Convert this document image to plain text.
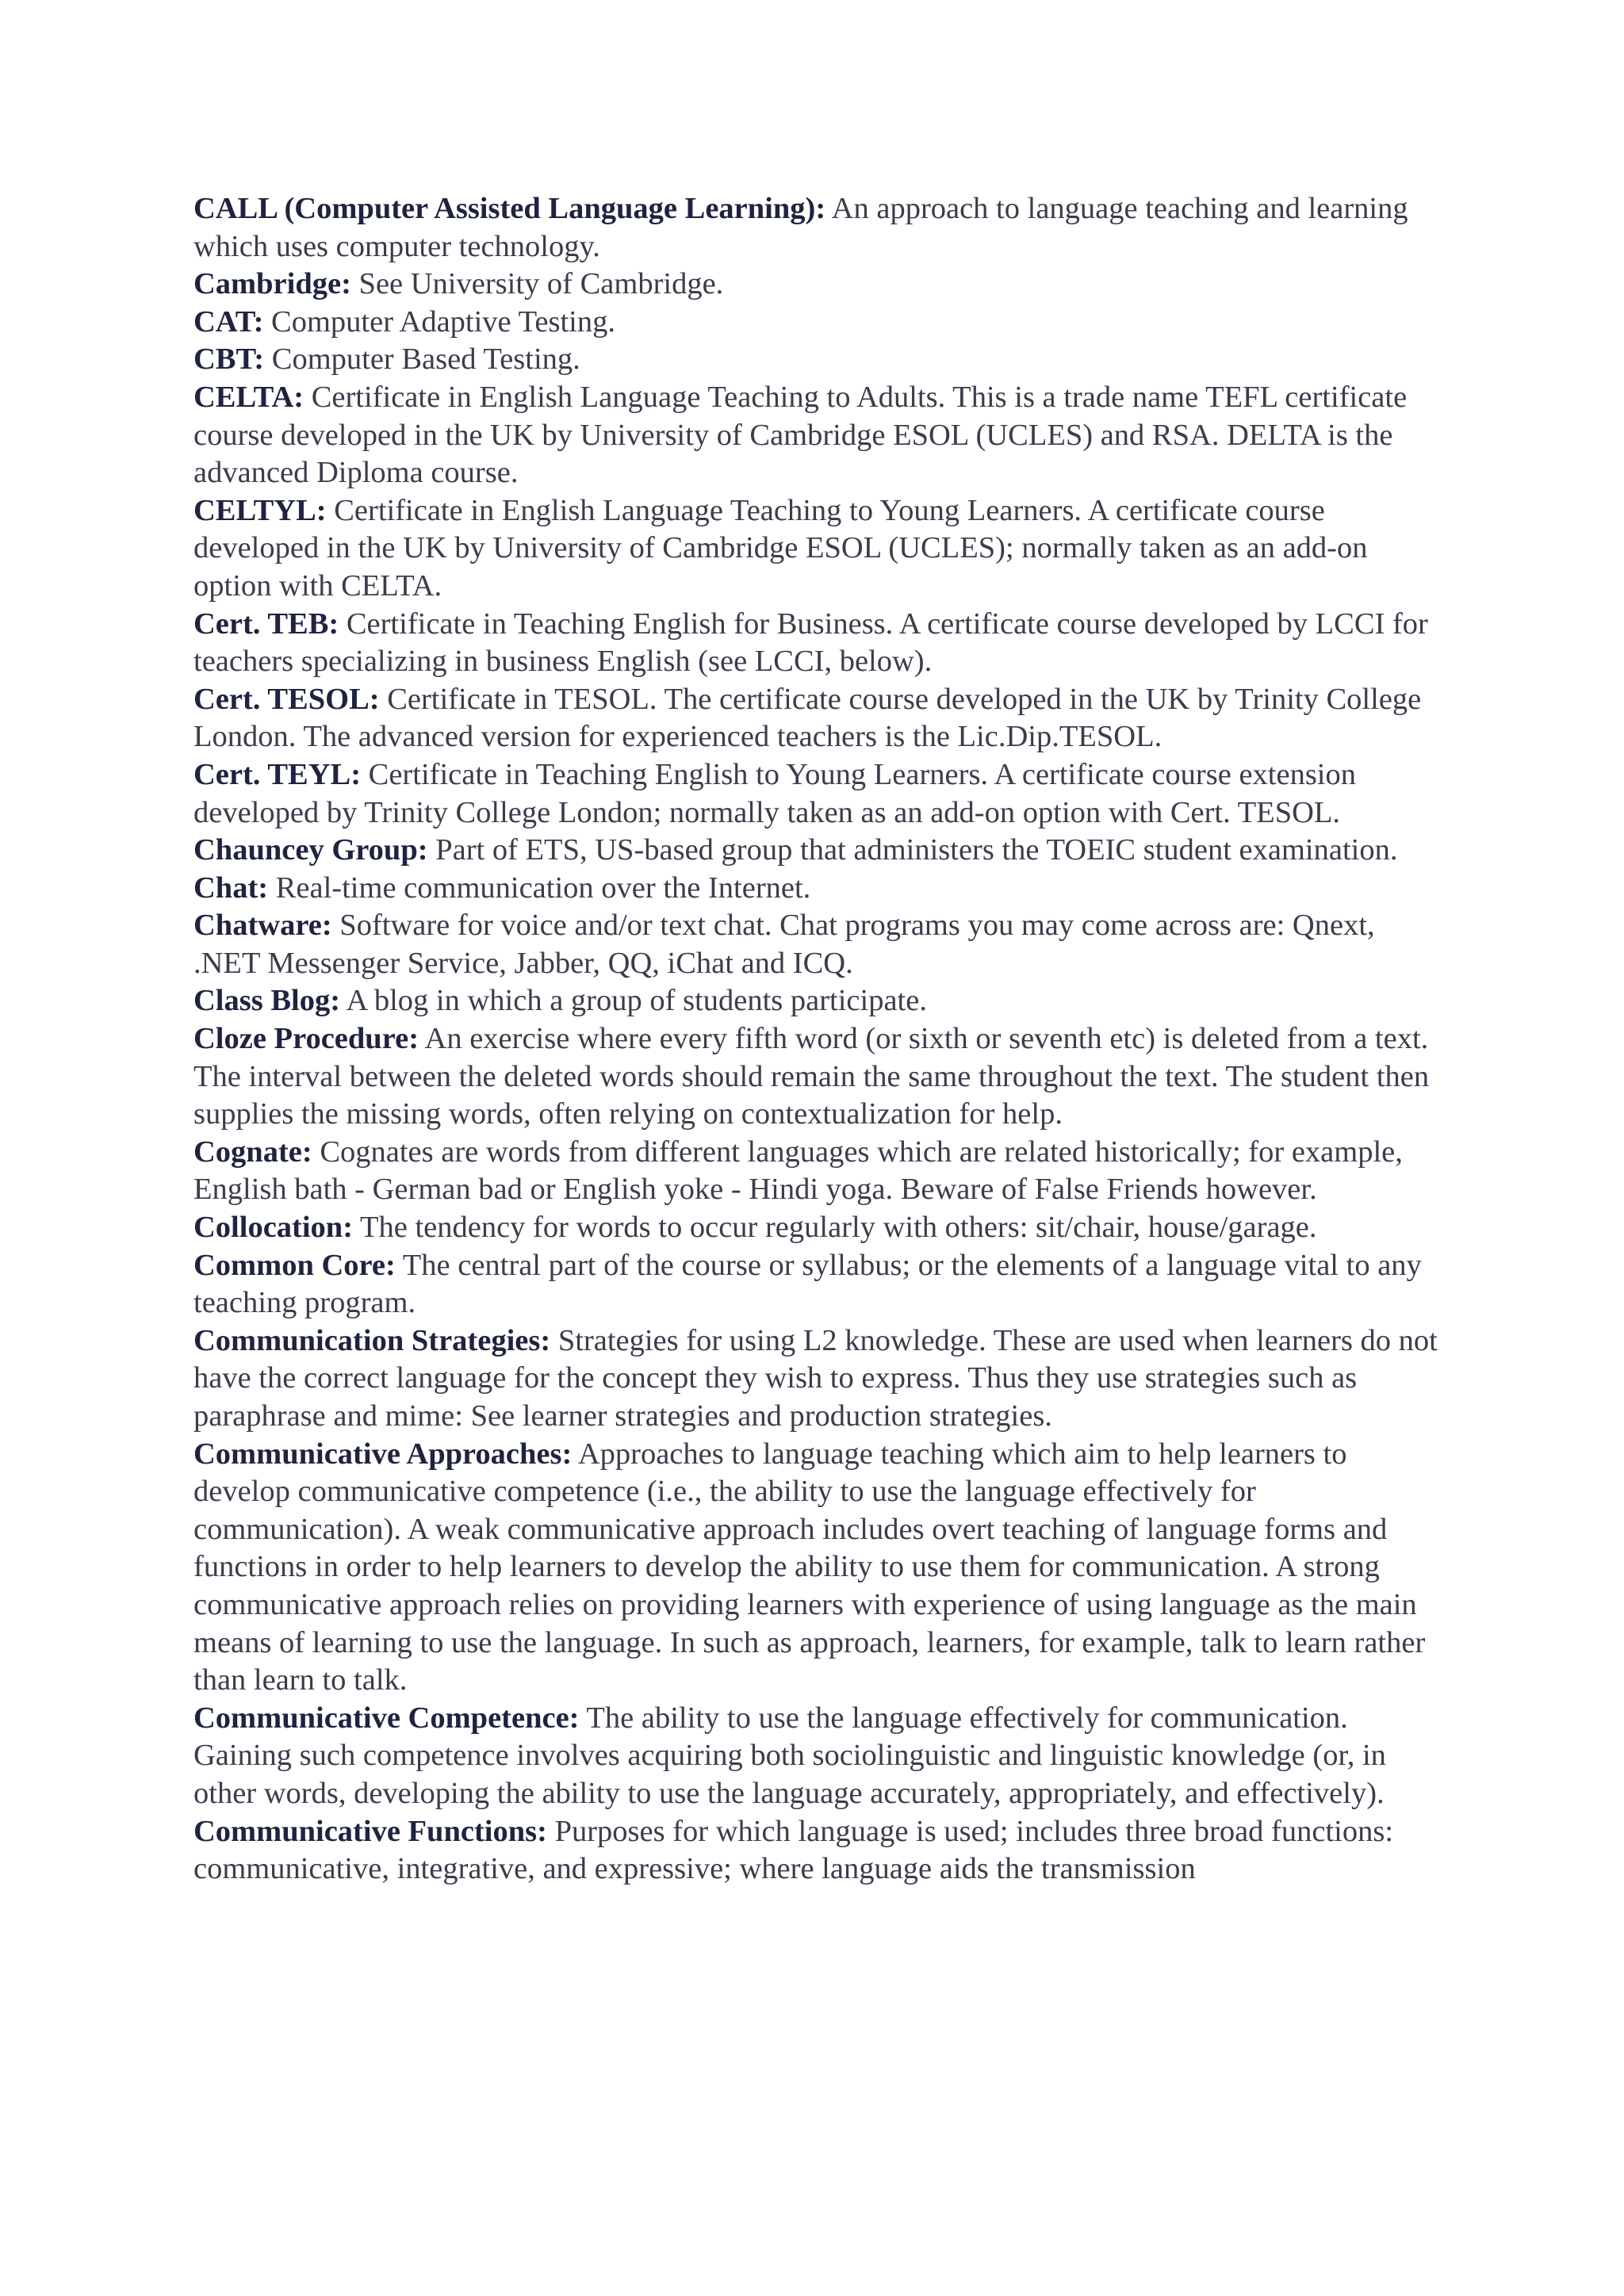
CALL (Computer Assisted Language Learning): An approach to language teaching and learning which uses computer technology.

Cambridge: See University of Cambridge.

CAT: Computer Adaptive Testing.

CBT: Computer Based Testing.

CELTA: Certificate in English Language Teaching to Adults. This is a trade name TEFL certificate course developed in the UK by University of Cambridge ESOL (UCLES) and RSA. DELTA is the advanced Diploma course.

CELTYL: Certificate in English Language Teaching to Young Learners. A certificate course developed in the UK by University of Cambridge ESOL (UCLES); normally taken as an add-on option with CELTA.

Cert. TEB: Certificate in Teaching English for Business. A certificate course developed by LCCI for teachers specializing in business English (see LCCI, below).

Cert. TESOL: Certificate in TESOL. The certificate course developed in the UK by Trinity College London. The advanced version for experienced teachers is the Lic.Dip.TESOL.

Cert. TEYL: Certificate in Teaching English to Young Learners. A certificate course extension developed by Trinity College London; normally taken as an add-on option with Cert. TESOL.

Chauncey Group: Part of ETS, US-based group that administers the TOEIC student examination.

Chat: Real-time communication over the Internet.

Chatware: Software for voice and/or text chat. Chat programs you may come across are: Qnext, .NET Messenger Service, Jabber, QQ, iChat and ICQ.

Class Blog: A blog in which a group of students participate.

Cloze Procedure: An exercise where every fifth word (or sixth or seventh etc) is deleted from a text. The interval between the deleted words should remain the same throughout the text. The student then supplies the missing words, often relying on contextualization for help.

Cognate: Cognates are words from different languages which are related historically; for example, English bath - German bad or English yoke - Hindi yoga. Beware of False Friends however.

Collocation: The tendency for words to occur regularly with others: sit/chair, house/garage.

Common Core: The central part of the course or syllabus; or the elements of a language vital to any teaching program.

Communication Strategies: Strategies for using L2 knowledge. These are used when learners do not have the correct language for the concept they wish to express. Thus they use strategies such as paraphrase and mime: See learner strategies and production strategies.

Communicative Approaches: Approaches to language teaching which aim to help learners to develop communicative competence (i.e., the ability to use the language effectively for communication). A weak communicative approach includes overt teaching of language forms and functions in order to help learners to develop the ability to use them for communication. A strong communicative approach relies on providing learners with experience of using language as the main means of learning to use the language. In such as approach, learners, for example, talk to learn rather than learn to talk.

Communicative Competence: The ability to use the language effectively for communication. Gaining such competence involves acquiring both sociolinguistic and linguistic knowledge (or, in other words, developing the ability to use the language accurately, appropriately, and effectively).

Communicative Functions: Purposes for which language is used; includes three broad functions: communicative, integrative, and expressive; where language aids the transmission
